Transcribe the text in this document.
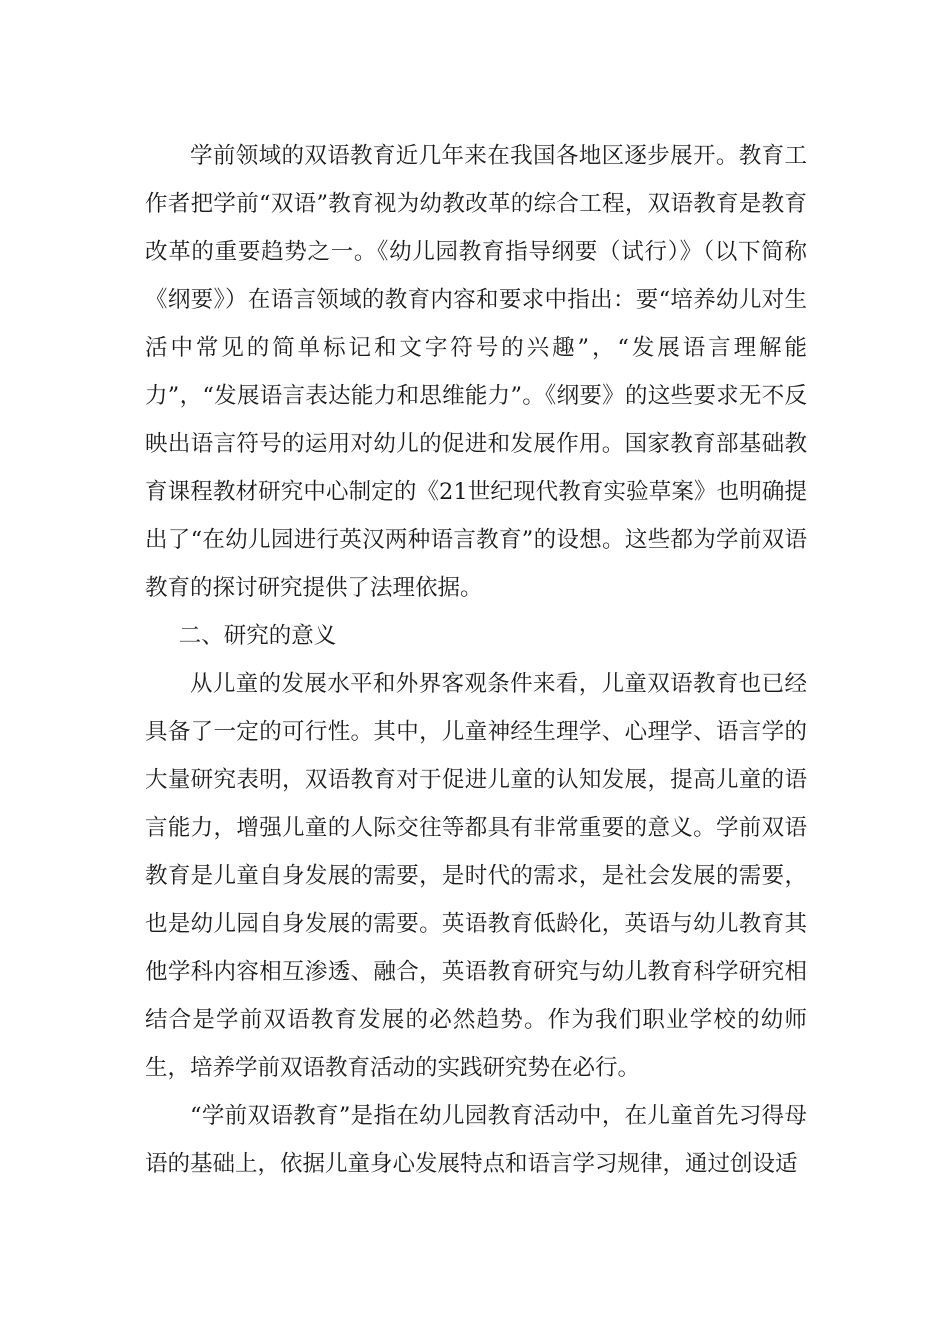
学前领域的双语教育近几年来在我国各地区逐步展开。教育工作者把学前“双语”教育视为幼教改革的综合工程，双语教育是教育改革的重要趋势之一。《幼儿园教育指导纲要（试行）》（以下简称《纲要》）在语言领域的教育内容和要求中指出：要“培养幼儿对生活中常见的简单标记和文字符号的兴趣”，“发展语言理解能力”，“发展语言表达能力和思维能力”。《纲要》的这些要求无不反映出语言符号的运用对幼儿的促进和发展作用。国家教育部基础教育课程教材研究中心制定的《21世纪现代教育实验草案》也明确提出了“在幼儿园进行英汉两种语言教育”的设想。这些都为学前双语教育的探讨研究提供了法理依据。

二、研究的意义

从儿童的发展水平和外界客观条件来看，儿童双语教育也已经具备了一定的可行性。其中，儿童神经生理学、心理学、语言学的大量研究表明，双语教育对于促进儿童的认知发展，提高儿童的语言能力，增强儿童的人际交往等都具有非常重要的意义。学前双语教育是儿童自身发展的需要，是时代的需求，是社会发展的需要，也是幼儿园自身发展的需要。英语教育低龄化，英语与幼儿教育其他学科内容相互渗透、融合，英语教育研究与幼儿教育科学研究相结合是学前双语教育发展的必然趋势。作为我们职业学校的幼师生，培养学前双语教育活动的实践研究势在必行。

“学前双语教育”是指在幼儿园教育活动中，在儿童首先习得母语的基础上，依据儿童身心发展特点和语言学习规律，通过创设适
